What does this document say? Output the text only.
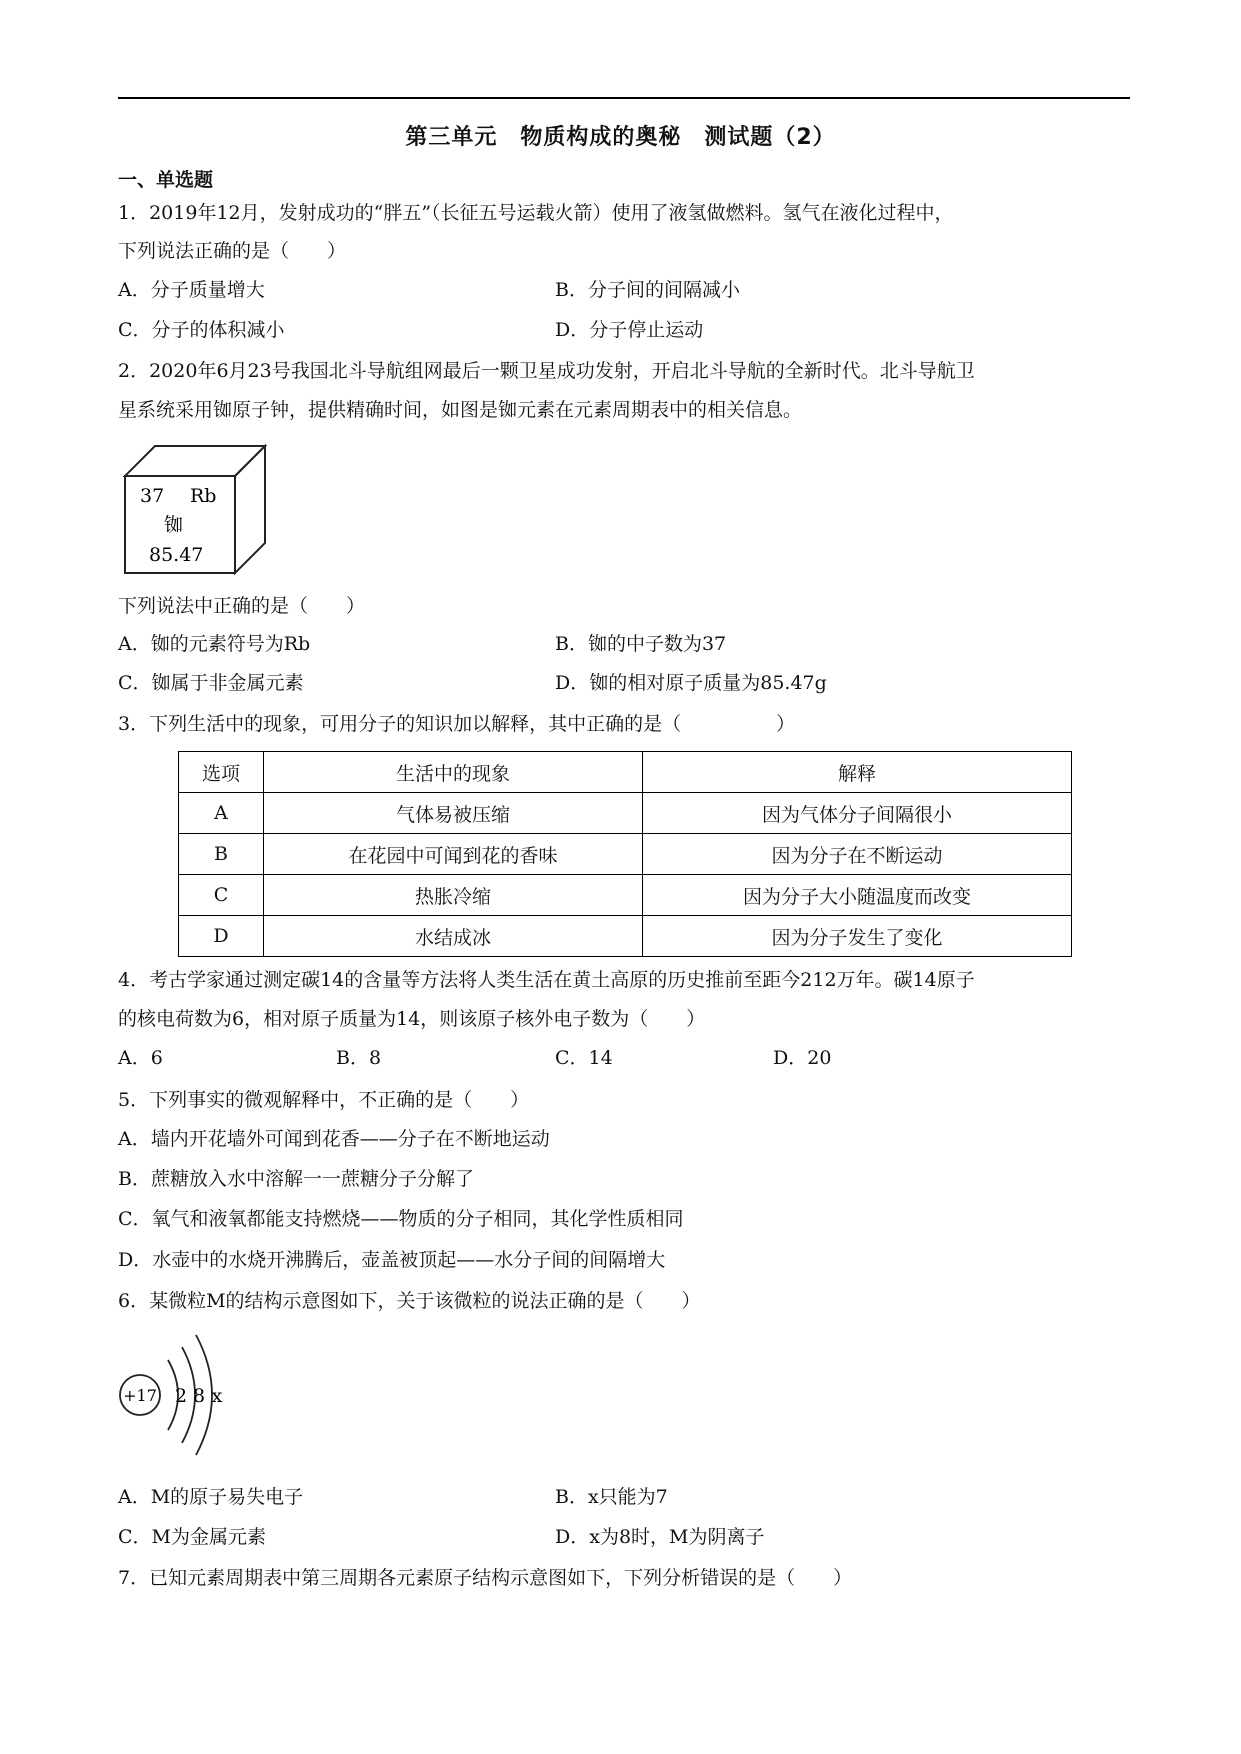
第三单元　物质构成的奥秘　测试题（2）
一、单选题
1．2019年12月，发射成功的“胖五”（长征五号运载火箭）使用了液氢做燃料。氢气在液化过程中，
下列说法正确的是（　　）
A．分子质量增大	B．分子间的间隔减小
C．分子的体积减小	D．分子停止运动
2．2020年6月23号我国北斗导航组网最后一颗卫星成功发射，开启北斗导航的全新时代。北斗导航卫
星系统采用铷原子钟，提供精确时间，如图是铷元素在元素周期表中的相关信息。
37 Rb
铷
85.47
下列说法中正确的是（　　）
A．铷的元素符号为Rb	B．铷的中子数为37
C．铷属于非金属元素	D．铷的相对原子质量为85.47g
3．下列生活中的现象，可用分子的知识加以解释，其中正确的是（　　　　　）
选项	生活中的现象	解释
A	气体易被压缩	因为气体分子间隔很小
B	在花园中可闻到花的香味	因为分子在不断运动
C	热胀冷缩	因为分子大小随温度而改变
D	水结成冰	因为分子发生了变化
4．考古学家通过测定碳14的含量等方法将人类生活在黄土高原的历史推前至距今212万年。碳14原子
的核电荷数为6，相对原子质量为14，则该原子核外电子数为（　　）
A．6	B．8	C．14	D．20
5．下列事实的微观解释中，不正确的是（　　）
A．墙内开花墙外可闻到花香——分子在不断地运动
B．蔗糖放入水中溶解一一蔗糖分子分解了
C．氧气和液氧都能支持燃烧——物质的分子相同，其化学性质相同
D．水壶中的水烧开沸腾后，壶盖被顶起——水分子间的间隔增大
6．某微粒M的结构示意图如下，关于该微粒的说法正确的是（　　）
+17 2 8 x
A．M的原子易失电子	B．x只能为7
C．M为金属元素	D．x为8时，M为阴离子
7．已知元素周期表中第三周期各元素原子结构示意图如下，下列分析错误的是（　　）
